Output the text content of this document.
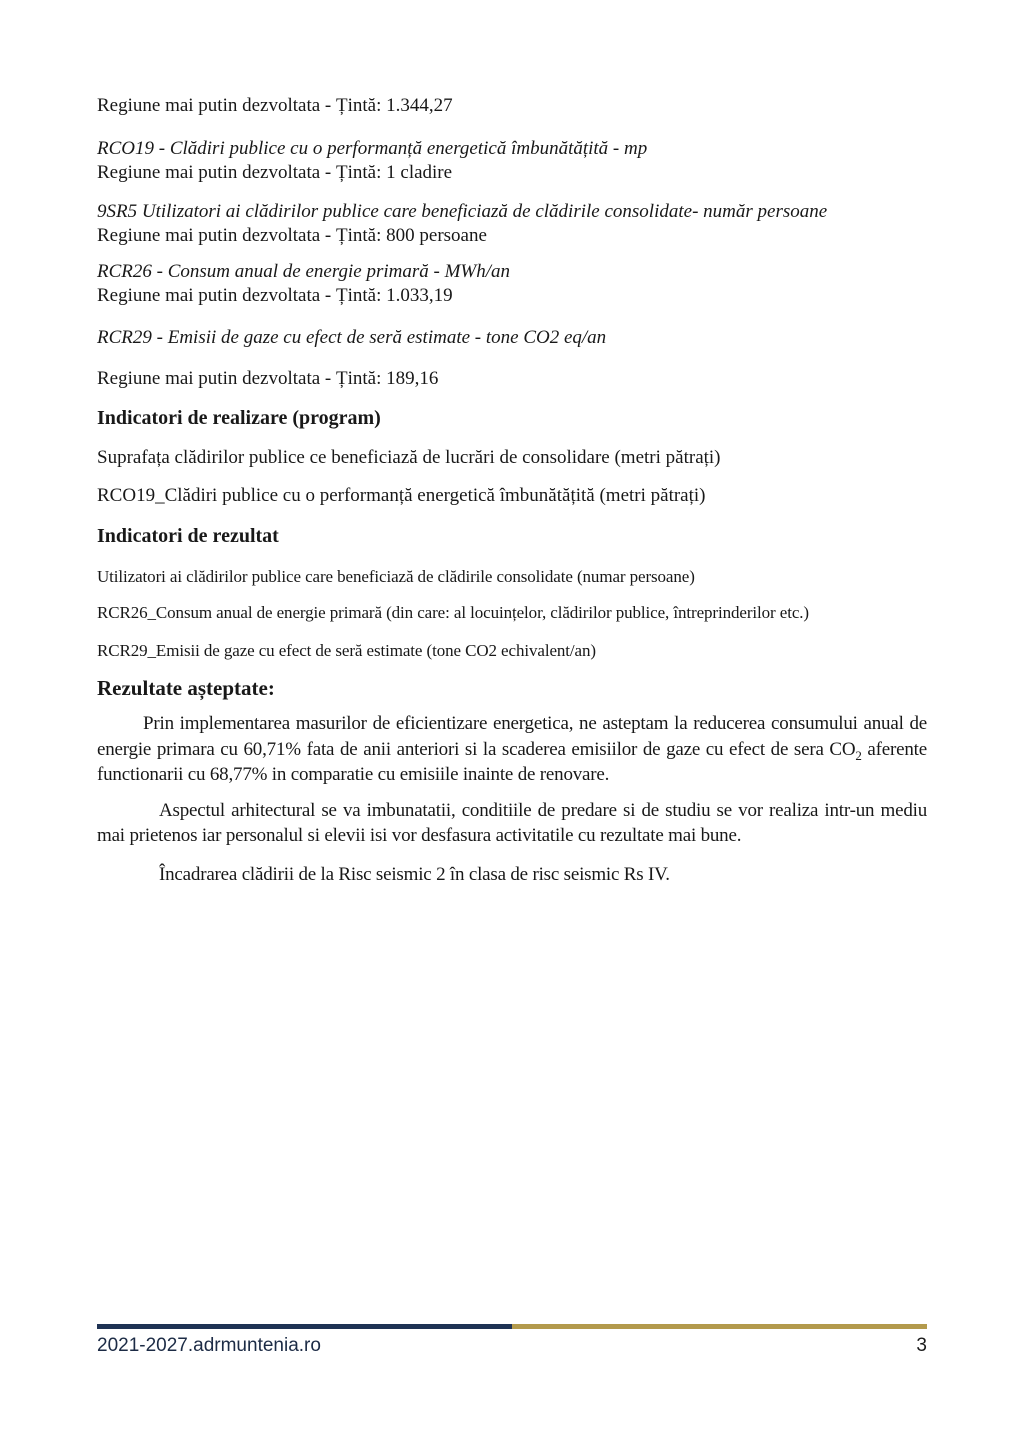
Regiune mai putin dezvoltata - Țintă: 1.344,27

RCO19 - Clădiri publice cu o performanță energetică îmbunătățită - mp

Regiune mai putin dezvoltata - Țintă: 1 cladire

9SR5 Utilizatori ai clădirilor publice care beneficiază de clădirile consolidate- număr persoane

Regiune mai putin dezvoltata - Țintă: 800 persoane

RCR26 - Consum anual de energie primară - MWh/an

Regiune mai putin dezvoltata - Țintă: 1.033,19

RCR29 - Emisii de gaze cu efect de seră estimate - tone CO2 eq/an

Regiune mai putin dezvoltata - Țintă: 189,16

Indicatori de realizare (program)

Suprafața clădirilor publice ce beneficiază de lucrări de consolidare (metri pătrați)

RCO19_Clădiri publice cu o performanță energetică îmbunătățită (metri pătrați)

Indicatori de rezultat

Utilizatori ai clădirilor publice care beneficiază de clădirile consolidate (numar persoane)

RCR26_Consum anual de energie primară (din care: al locuințelor, clădirilor publice, întreprinderilor etc.)

RCR29_Emisii de gaze cu efect de seră estimate (tone CO2 echivalent/an)

Rezultate așteptate:

Prin implementarea masurilor de eficientizare energetica, ne asteptam la reducerea consumului anual de energie primara cu 60,71% fata de anii anteriori si la scaderea emisiilor de gaze cu efect de sera $CO_2$ aferente functionarii cu 68,77% in comparatie cu emisiile inainte de renovare.

Aspectul arhitectural se va imbunatatii, conditiile de predare si de studiu se vor realiza intr-un mediu mai prietenos iar personalul si elevii isi vor desfasura activitatile cu rezultate mai bune.

Încadrarea clădirii de la Risc seismic 2 în clasa de risc seismic Rs IV.

2021-2027.adrmuntenia.ro	3
